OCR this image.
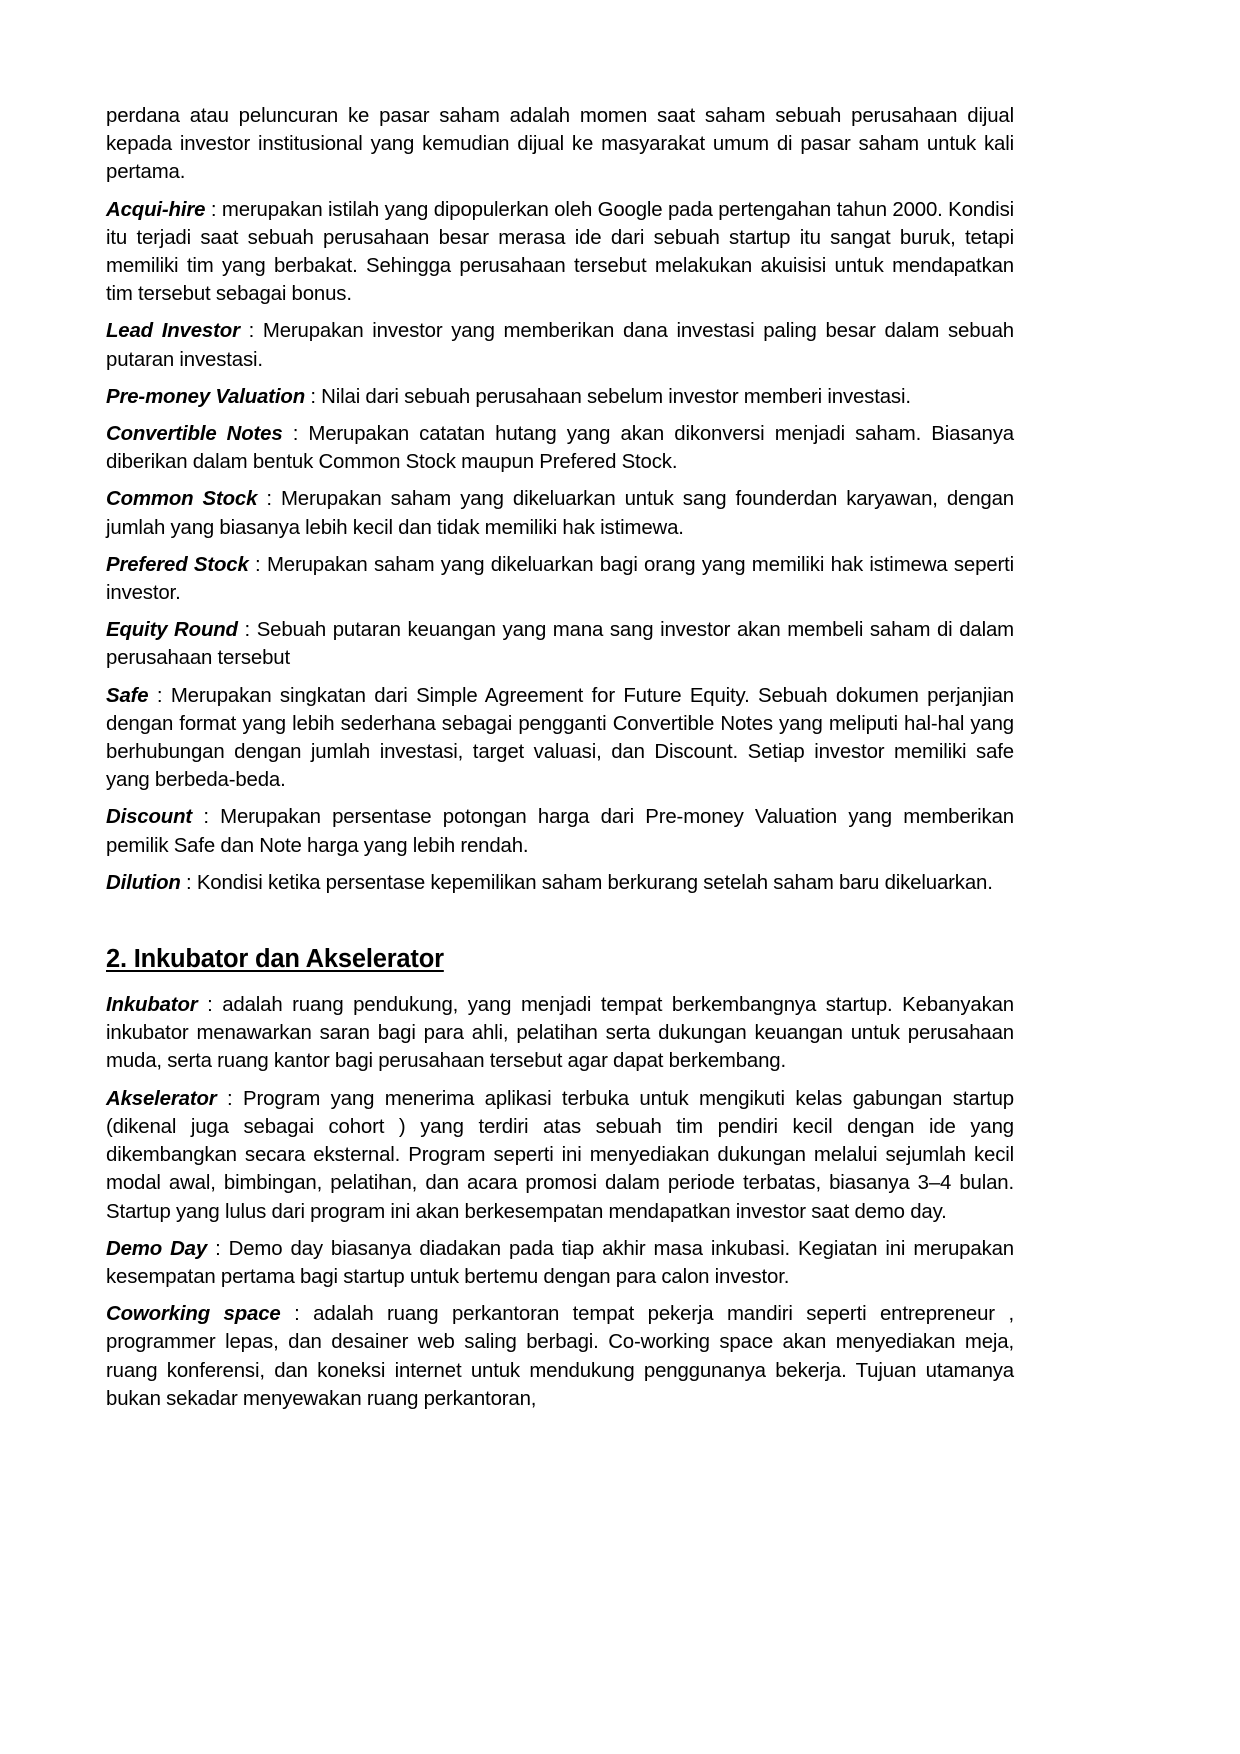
perdana atau peluncuran ke pasar saham adalah momen saat saham sebuah perusahaan dijual kepada investor institusional yang kemudian dijual ke masyarakat umum di pasar saham untuk kali pertama.

Acqui-hire : merupakan istilah yang dipopulerkan oleh Google pada pertengahan tahun 2000. Kondisi itu terjadi saat sebuah perusahaan besar merasa ide dari sebuah startup itu sangat buruk, tetapi memiliki tim yang berbakat. Sehingga perusahaan tersebut melakukan akuisisi untuk mendapatkan tim tersebut sebagai bonus.

Lead Investor : Merupakan investor yang memberikan dana investasi paling besar dalam sebuah putaran investasi.

Pre-money Valuation : Nilai dari sebuah perusahaan sebelum investor memberi investasi.

Convertible Notes : Merupakan catatan hutang yang akan dikonversi menjadi saham. Biasanya diberikan dalam bentuk Common Stock maupun Prefered Stock.

Common Stock : Merupakan saham yang dikeluarkan untuk sang founderdan karyawan, dengan jumlah yang biasanya lebih kecil dan tidak memiliki hak istimewa.

Prefered Stock : Merupakan saham yang dikeluarkan bagi orang yang memiliki hak istimewa seperti investor.

Equity Round : Sebuah putaran keuangan yang mana sang investor akan membeli saham di dalam perusahaan tersebut

Safe : Merupakan singkatan dari Simple Agreement for Future Equity. Sebuah dokumen perjanjian dengan format yang lebih sederhana sebagai pengganti Convertible Notes yang meliputi hal-hal yang berhubungan dengan jumlah investasi, target valuasi, dan Discount. Setiap investor memiliki safe yang berbeda-beda.

Discount : Merupakan persentase potongan harga dari Pre-money Valuation yang memberikan pemilik Safe dan Note harga yang lebih rendah.

Dilution : Kondisi ketika persentase kepemilikan saham berkurang setelah saham baru dikeluarkan.

2. Inkubator dan Akselerator

Inkubator : adalah ruang pendukung, yang menjadi tempat berkembangnya startup. Kebanyakan inkubator menawarkan saran bagi para ahli, pelatihan serta dukungan keuangan untuk perusahaan muda, serta ruang kantor bagi perusahaan tersebut agar dapat berkembang.

Akselerator : Program yang menerima aplikasi terbuka untuk mengikuti kelas gabungan startup (dikenal juga sebagai cohort ) yang terdiri atas sebuah tim pendiri kecil dengan ide yang dikembangkan secara eksternal. Program seperti ini menyediakan dukungan melalui sejumlah kecil modal awal, bimbingan, pelatihan, dan acara promosi dalam periode terbatas, biasanya 3–4 bulan. Startup yang lulus dari program ini akan berkesempatan mendapatkan investor saat demo day.

Demo Day : Demo day biasanya diadakan pada tiap akhir masa inkubasi. Kegiatan ini merupakan kesempatan pertama bagi startup untuk bertemu dengan para calon investor.

Coworking space : adalah ruang perkantoran tempat pekerja mandiri seperti entrepreneur , programmer lepas, dan desainer web saling berbagi. Co-working space akan menyediakan meja, ruang konferensi, dan koneksi internet untuk mendukung penggunanya bekerja. Tujuan utamanya bukan sekadar menyewakan ruang perkantoran,
